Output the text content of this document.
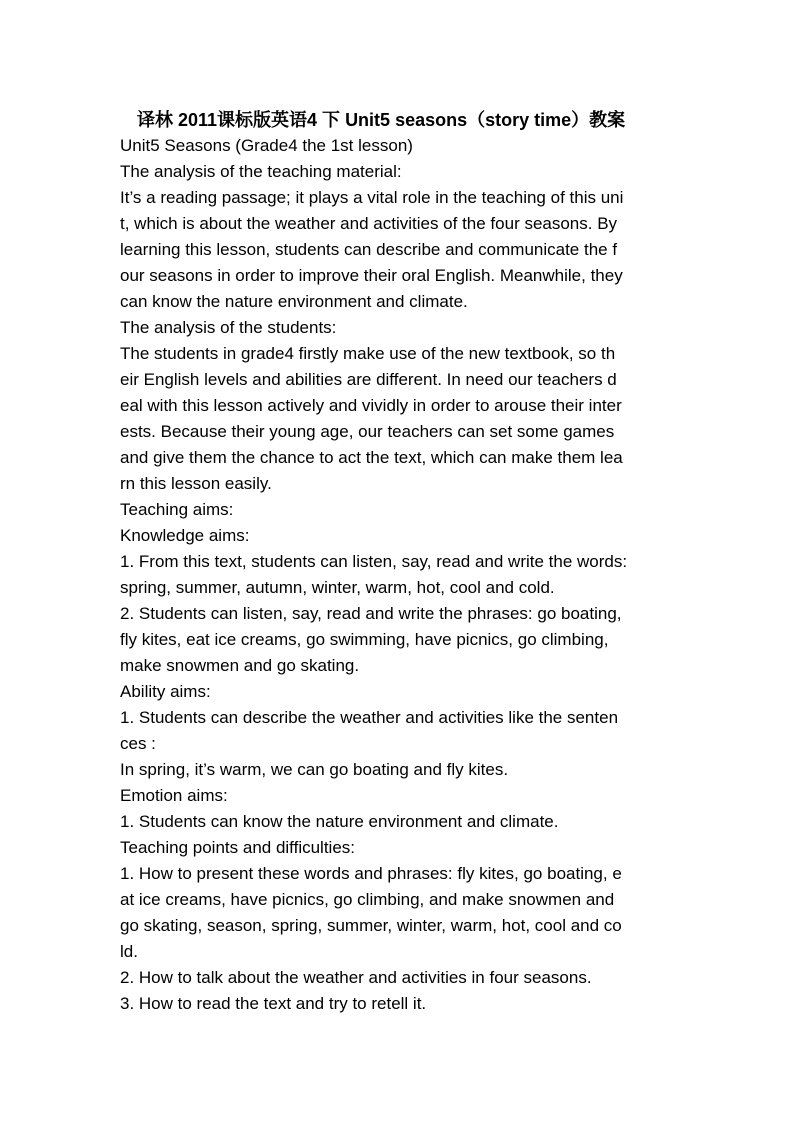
译林 2011课标版英语4 下 Unit5 seasons（story time）教案
Unit5 Seasons (Grade4 the 1st lesson)
The analysis of the teaching material:
It’s a reading passage; it plays a vital role in the teaching of this uni
t, which is about the weather and activities of the four seasons. By
learning this lesson, students can describe and communicate the f
our seasons in order to improve their oral English. Meanwhile, they
can know the nature environment and climate.
The analysis of the students:
The students in grade4 firstly make use of the new textbook, so th
eir English levels and abilities are different. In need our teachers d
eal with this lesson actively and vividly in order to arouse their inter
ests. Because their young age, our teachers can set some games
and give them the chance to act the text, which can make them lea
rn this lesson easily.
Teaching aims:
Knowledge aims:
1. From this text, students can listen, say, read and write the words:
spring, summer, autumn, winter, warm, hot, cool and cold.
2. Students can listen, say, read and write the phrases: go boating,
fly kites, eat ice creams, go swimming, have picnics, go climbing,
make snowmen and go skating.
Ability aims:
1. Students can describe the weather and activities like the senten
ces :
In spring, it’s warm, we can go boating and fly kites.
Emotion aims:
1. Students can know the nature environment and climate.
Teaching points and difficulties:
1. How to present these words and phrases: fly kites, go boating, e
at ice creams, have picnics, go climbing, and make snowmen and
go skating, season, spring, summer, winter, warm, hot, cool and co
ld.
2. How to talk about the weather and activities in four seasons.
3. How to read the text and try to retell it.
